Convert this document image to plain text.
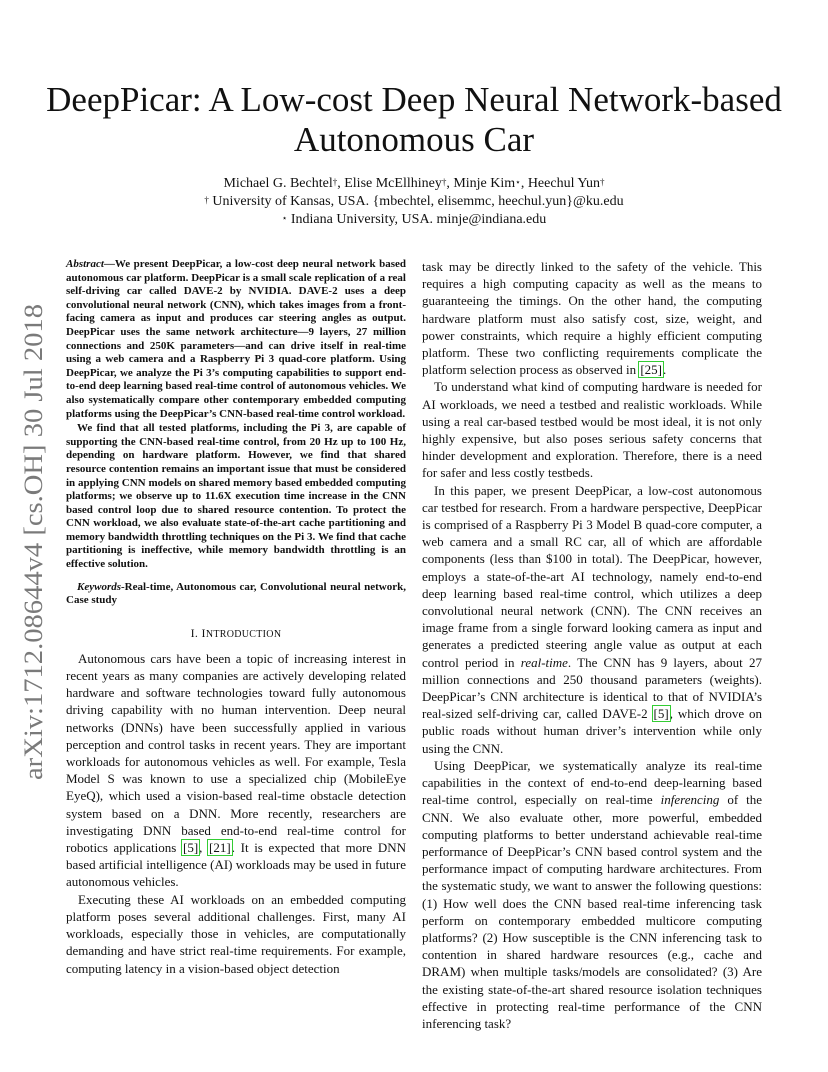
arXiv:1712.08644v4 [cs.OH] 30 Jul 2018
DeepPicar: A Low-cost Deep Neural Network-based
Autonomous Car
Michael G. Bechtel†, Elise McEllhiney†, Minje Kim⋆, Heechul Yun†
† University of Kansas, USA. {mbechtel, elisemmc, heechul.yun}@ku.edu
⋆ Indiana University, USA. minje@indiana.edu

Abstract—We present DeepPicar, a low-cost deep neural network based autonomous car platform. DeepPicar is a small scale replication of a real self-driving car called DAVE-2 by NVIDIA. DAVE-2 uses a deep convolutional neural network (CNN), which takes images from a front-facing camera as input and produces car steering angles as output. DeepPicar uses the same network architecture—9 layers, 27 million connections and 250K parameters—and can drive itself in real-time using a web camera and a Raspberry Pi 3 quad-core platform. Using DeepPicar, we analyze the Pi 3’s computing capabilities to support end-to-end deep learning based real-time control of autonomous vehicles. We also systematically compare other contemporary embedded computing platforms using the DeepPicar’s CNN-based real-time control workload.

We find that all tested platforms, including the Pi 3, are capable of supporting the CNN-based real-time control, from 20 Hz up to 100 Hz, depending on hardware platform. However, we find that shared resource contention remains an important issue that must be considered in applying CNN models on shared memory based embedded computing platforms; we observe up to 11.6X execution time increase in the CNN based control loop due to shared resource contention. To protect the CNN workload, we also evaluate state-of-the-art cache partitioning and memory bandwidth throttling techniques on the Pi 3. We find that cache partitioning is ineffective, while memory bandwidth throttling is an effective solution.

Keywords-Real-time, Autonomous car, Convolutional neural network, Case study

I. INTRODUCTION

Autonomous cars have been a topic of increasing interest in recent years as many companies are actively developing related hardware and software technologies toward fully autonomous driving capability with no human intervention. Deep neural networks (DNNs) have been successfully applied in various perception and control tasks in recent years. They are important workloads for autonomous vehicles as well. For example, Tesla Model S was known to use a specialized chip (MobileEye EyeQ), which used a vision-based real-time obstacle detection system based on a DNN. More recently, researchers are investigating DNN based end-to-end real-time control for robotics applications [5], [21]. It is expected that more DNN based artificial intelligence (AI) workloads may be used in future autonomous vehicles.

Executing these AI workloads on an embedded computing platform poses several additional challenges. First, many AI workloads, especially those in vehicles, are computationally demanding and have strict real-time requirements. For example, computing latency in a vision-based object detection

task may be directly linked to the safety of the vehicle. This requires a high computing capacity as well as the means to guaranteeing the timings. On the other hand, the computing hardware platform must also satisfy cost, size, weight, and power constraints, which require a highly efficient computing platform. These two conflicting requirements complicate the platform selection process as observed in [25].

To understand what kind of computing hardware is needed for AI workloads, we need a testbed and realistic workloads. While using a real car-based testbed would be most ideal, it is not only highly expensive, but also poses serious safety concerns that hinder development and exploration. Therefore, there is a need for safer and less costly testbeds.

In this paper, we present DeepPicar, a low-cost autonomous car testbed for research. From a hardware perspective, DeepPicar is comprised of a Raspberry Pi 3 Model B quad-core computer, a web camera and a small RC car, all of which are affordable components (less than $100 in total). The DeepPicar, however, employs a state-of-the-art AI technology, namely end-to-end deep learning based real-time control, which utilizes a deep convolutional neural network (CNN). The CNN receives an image frame from a single forward looking camera as input and generates a predicted steering angle value as output at each control period in real-time. The CNN has 9 layers, about 27 million connections and 250 thousand parameters (weights). DeepPicar’s CNN architecture is identical to that of NVIDIA’s real-sized self-driving car, called DAVE-2 [5], which drove on public roads without human driver’s intervention while only using the CNN.

Using DeepPicar, we systematically analyze its real-time capabilities in the context of end-to-end deep-learning based real-time control, especially on real-time inferencing of the CNN. We also evaluate other, more powerful, embedded computing platforms to better understand achievable real-time performance of DeepPicar’s CNN based control system and the performance impact of computing hardware architectures. From the systematic study, we want to answer the following questions: (1) How well does the CNN based real-time inferencing task perform on contemporary embedded multicore computing platforms? (2) How susceptible is the CNN inferencing task to contention in shared hardware resources (e.g., cache and DRAM) when multiple tasks/models are consolidated? (3) Are the existing state-of-the-art shared resource isolation techniques effective in protecting real-time performance of the CNN inferencing task?
